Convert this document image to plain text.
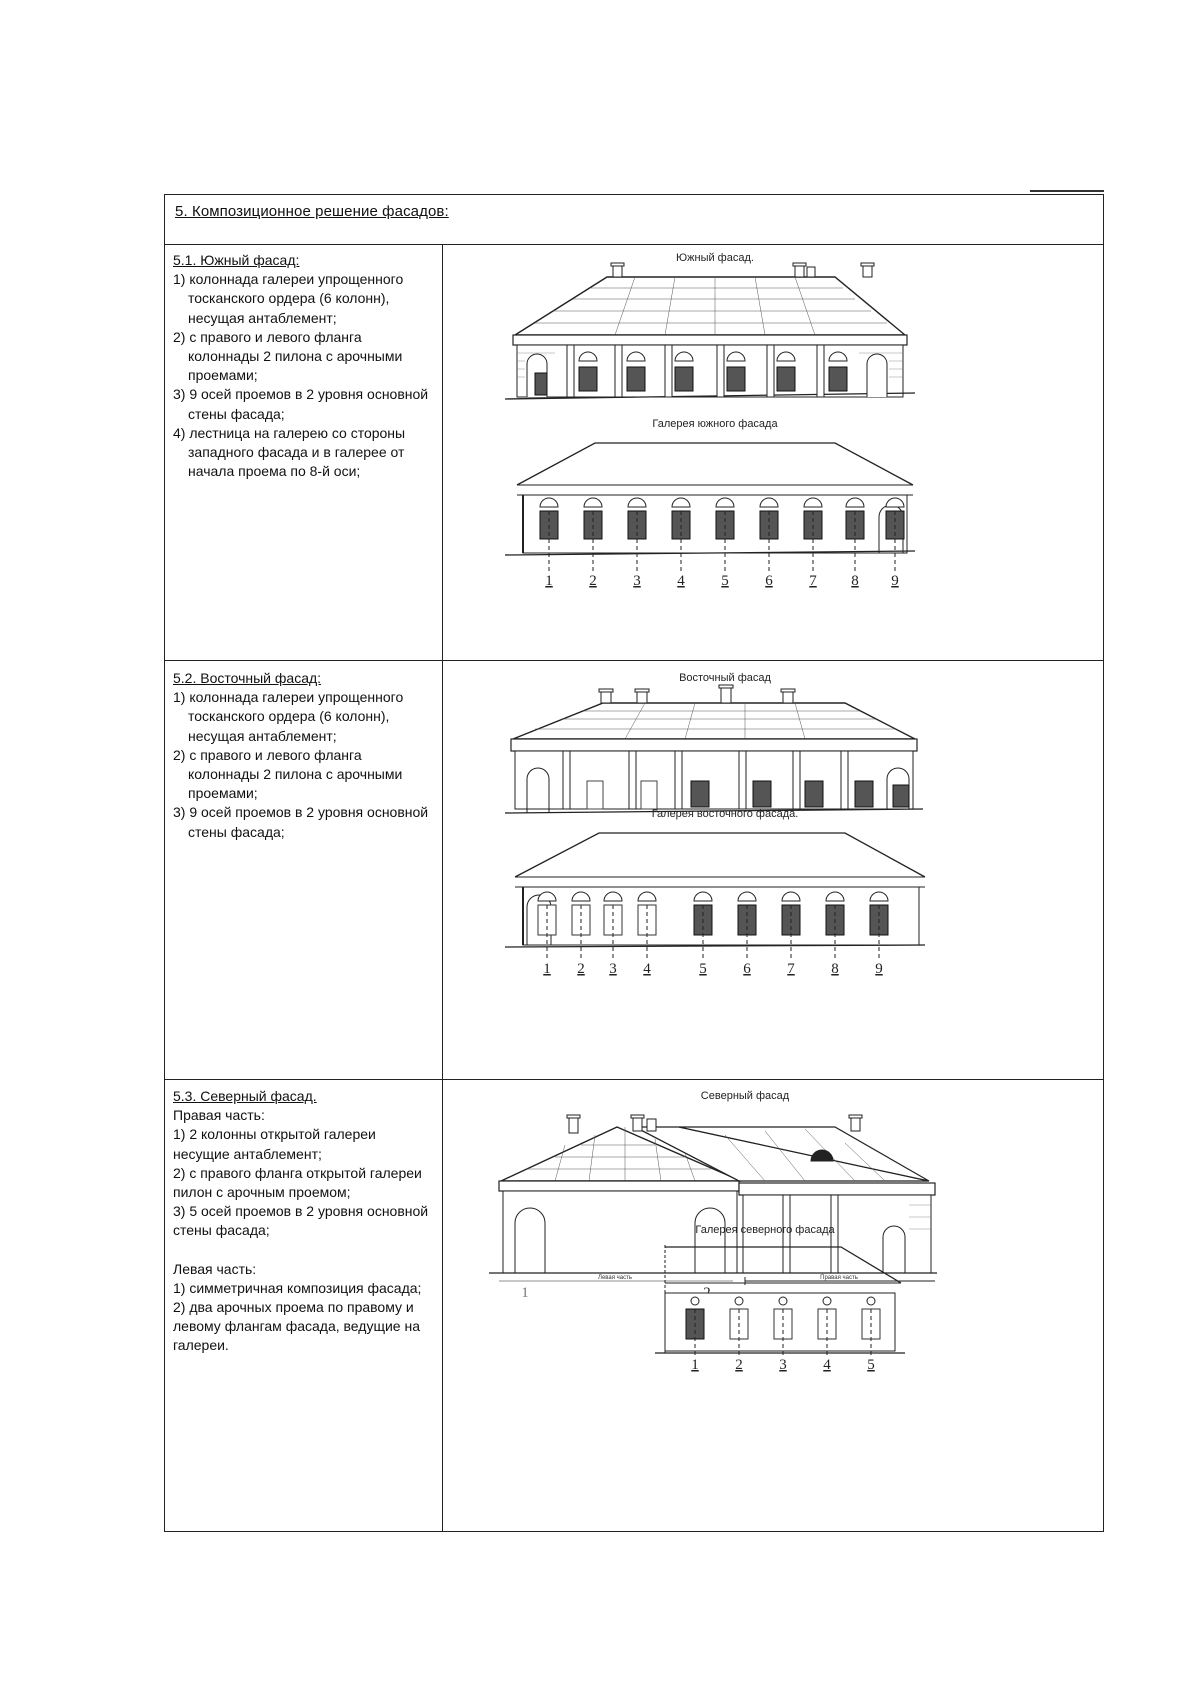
5. Композиционное решение фасадов:
5.1. Южный фасад:
1) колоннада галереи упрощенного тосканского ордера (6 колонн), несущая антаблемент;
2) с правого и левого фланга колоннады 2 пилона с арочными проемами;
3) 9 осей проемов в 2 уровня основной стены фасада;
4) лестница на галерею со стороны западного фасада и в галерее от начала проема по 8-й оси;
5.2. Восточный фасад:
1) колоннада галереи упрощенного тосканского ордера (6 колонн), несущая антаблемент;
2) с правого и левого фланга колоннады 2 пилона с арочными проемами;
3) 9 осей проемов в 2 уровня основной стены фасада;
5.3. Северный фасад.
Правая часть:
1) 2 колонны открытой галереи несущие антаблемент;
2) с правого фланга открытой галереи пилон с арочным проемом;
3) 5 осей проемов в 2 уровня основной стены фасада;
Левая часть:
1) симметричная композиция фасада;
2) два арочных проема по правому и левому флангам фасада, ведущие на галереи.
Южный фасад.
Галерея южного фасада
1 2 3 4 5 6 7 8 9
Восточный фасад
Галерея восточного фасада.
1 2 3 4	5 6 7 8 9
Северный фасад
Левая часть	Правая часть
1
Галерея северного фасада
1 2 3 4 5
